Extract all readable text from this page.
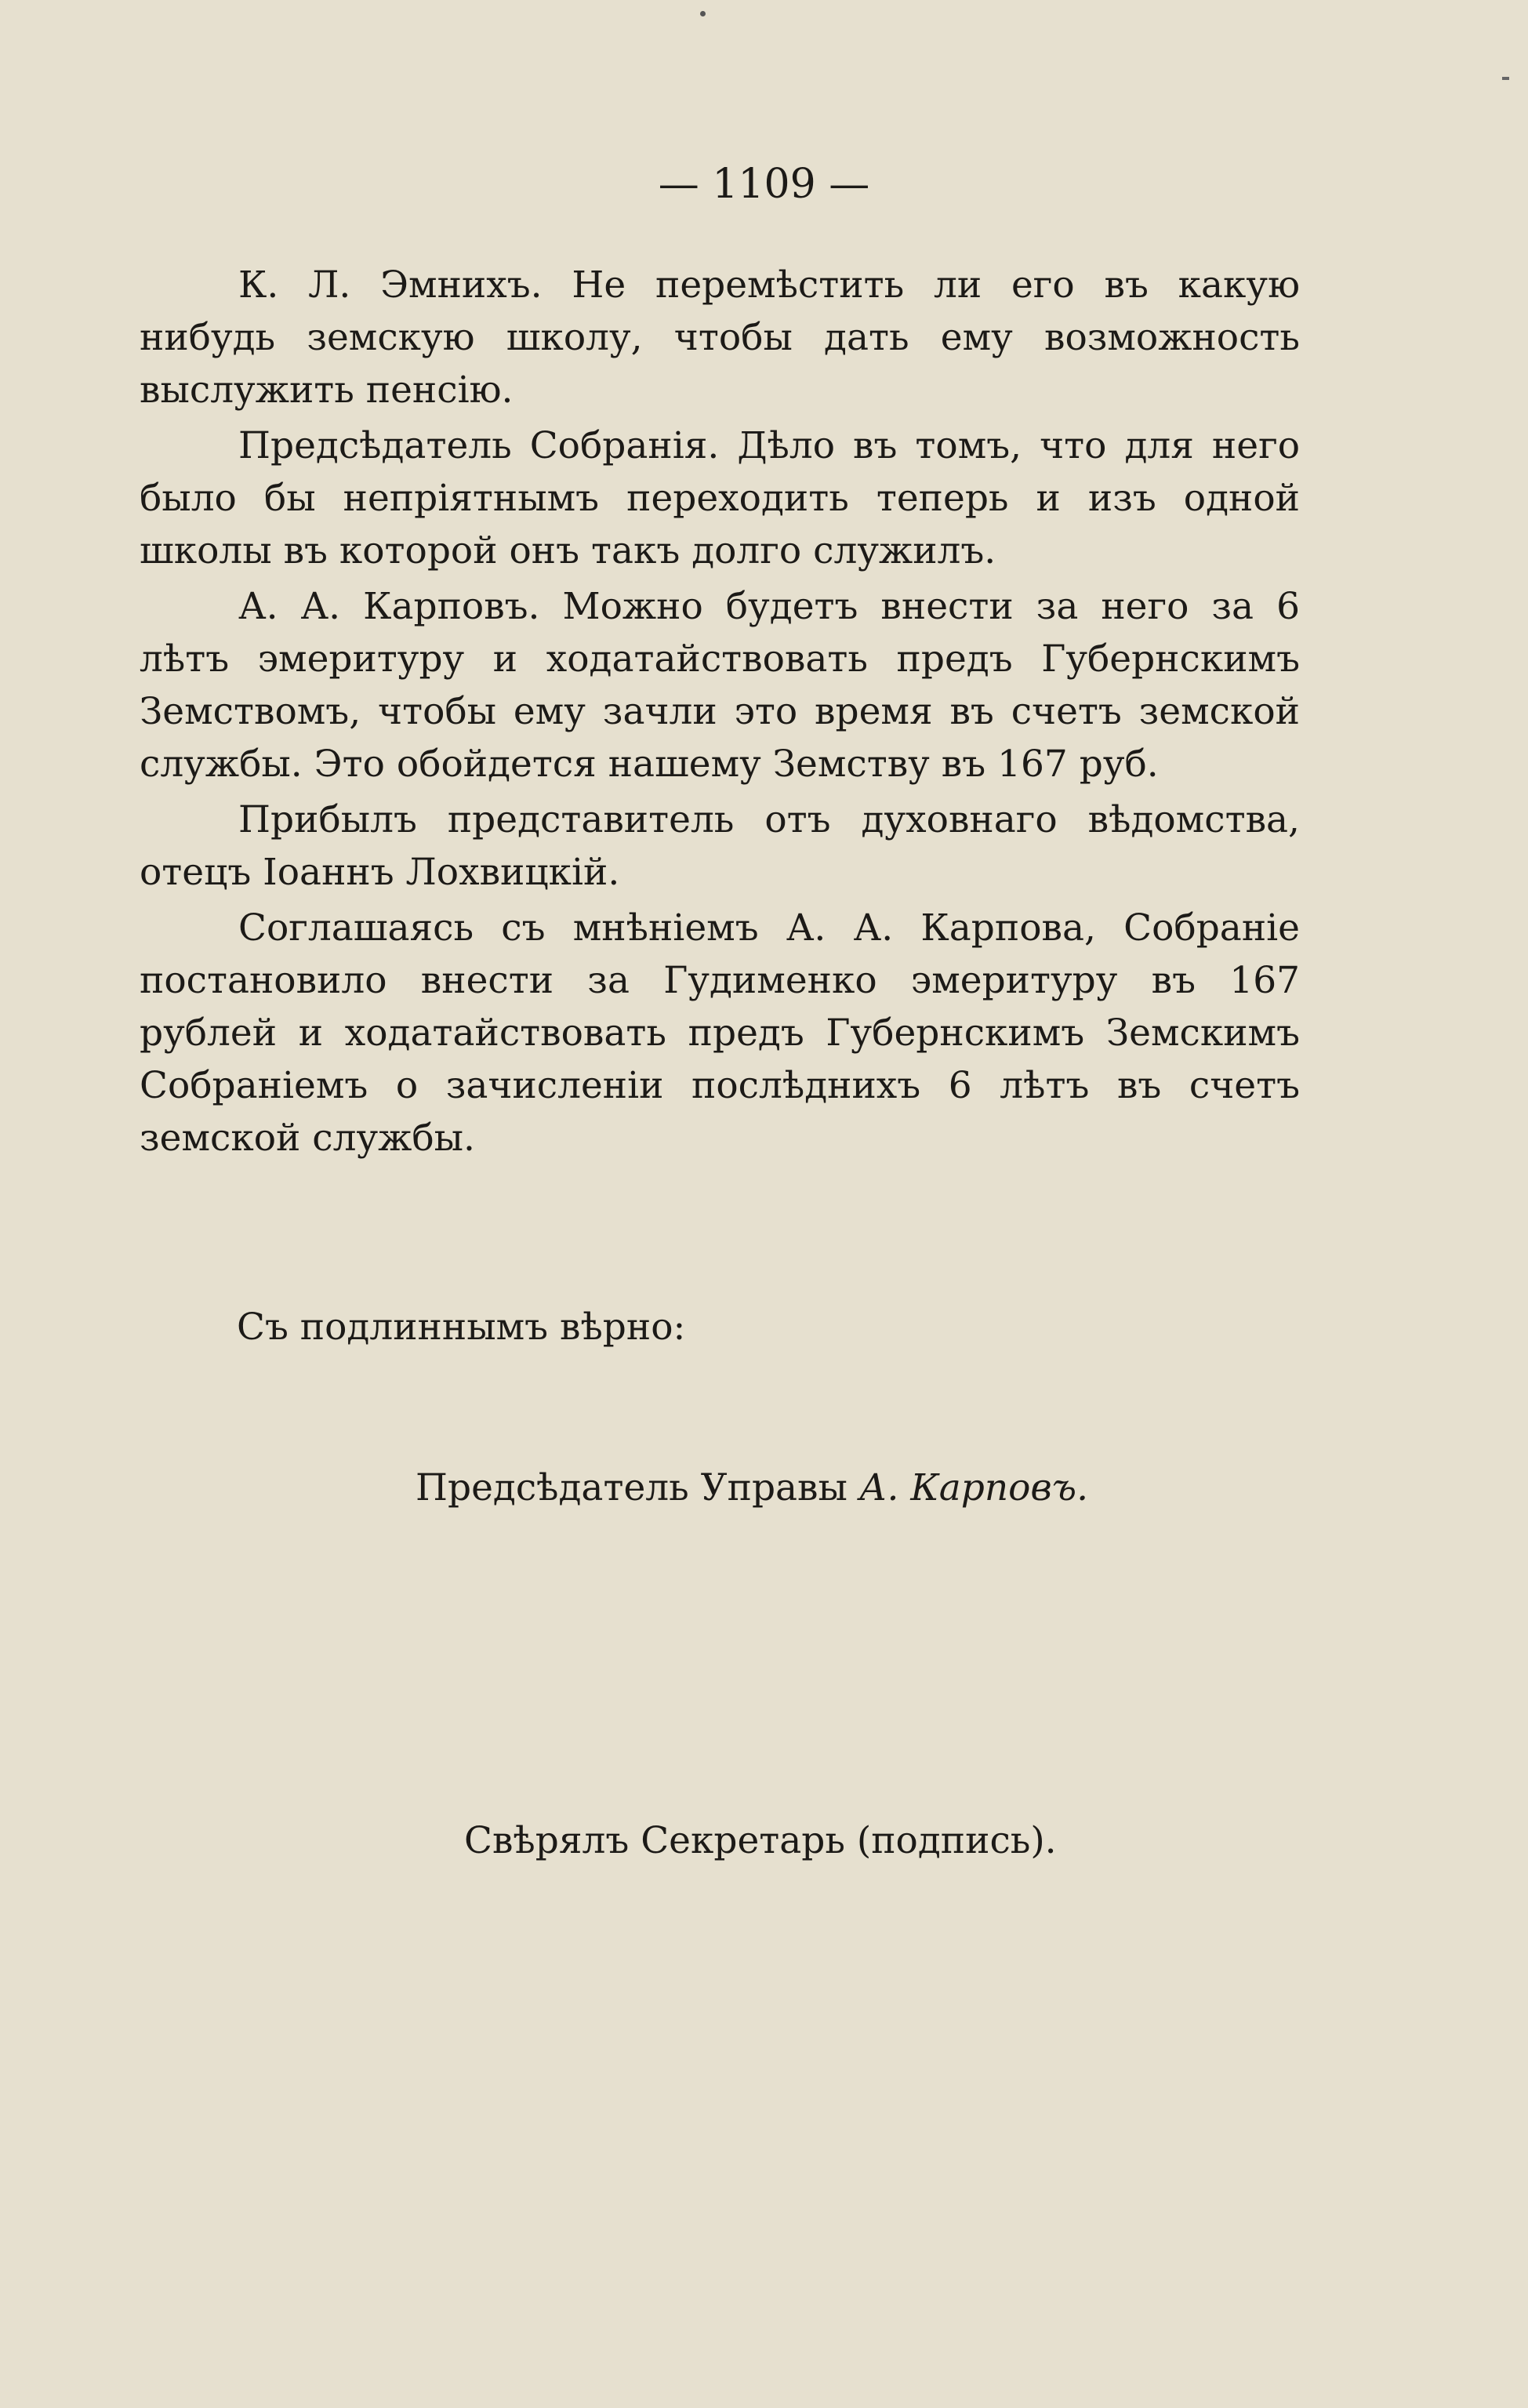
— 1109 —

К. Л. Эмнихъ. Не перемѣстить ли его въ какую нибудь земскую школу, чтобы дать ему возможность выслужить пенсію.

Предсѣдатель Собранія. Дѣло въ томъ, что для него было бы непріятнымъ переходить теперь и изъ одной школы въ которой онъ такъ долго служилъ.

А. А. Карповъ. Можно будетъ внести за него за 6 лѣтъ эмеритуру и ходатайствовать предъ Губернскимъ Земствомъ, чтобы ему зачли это время въ счетъ земской службы. Это обойдется нашему Земству въ 167 руб.

Прибылъ представитель отъ духовнаго вѣдомства, отецъ Іоаннъ Лохвицкій.

Соглашаясь съ мнѣніемъ А. А. Карпова, Собраніе постановило внести за Гудименко эмеритуру въ 167 рублей и ходатайствовать предъ Губернскимъ Земскимъ Собраніемъ о зачисленіи послѣднихъ 6 лѣтъ въ счетъ земской службы.

Съ подлиннымъ вѣрно:
Предсѣдатель Управы А. Карповъ.
Свѣрялъ Секретарь (подпись).
